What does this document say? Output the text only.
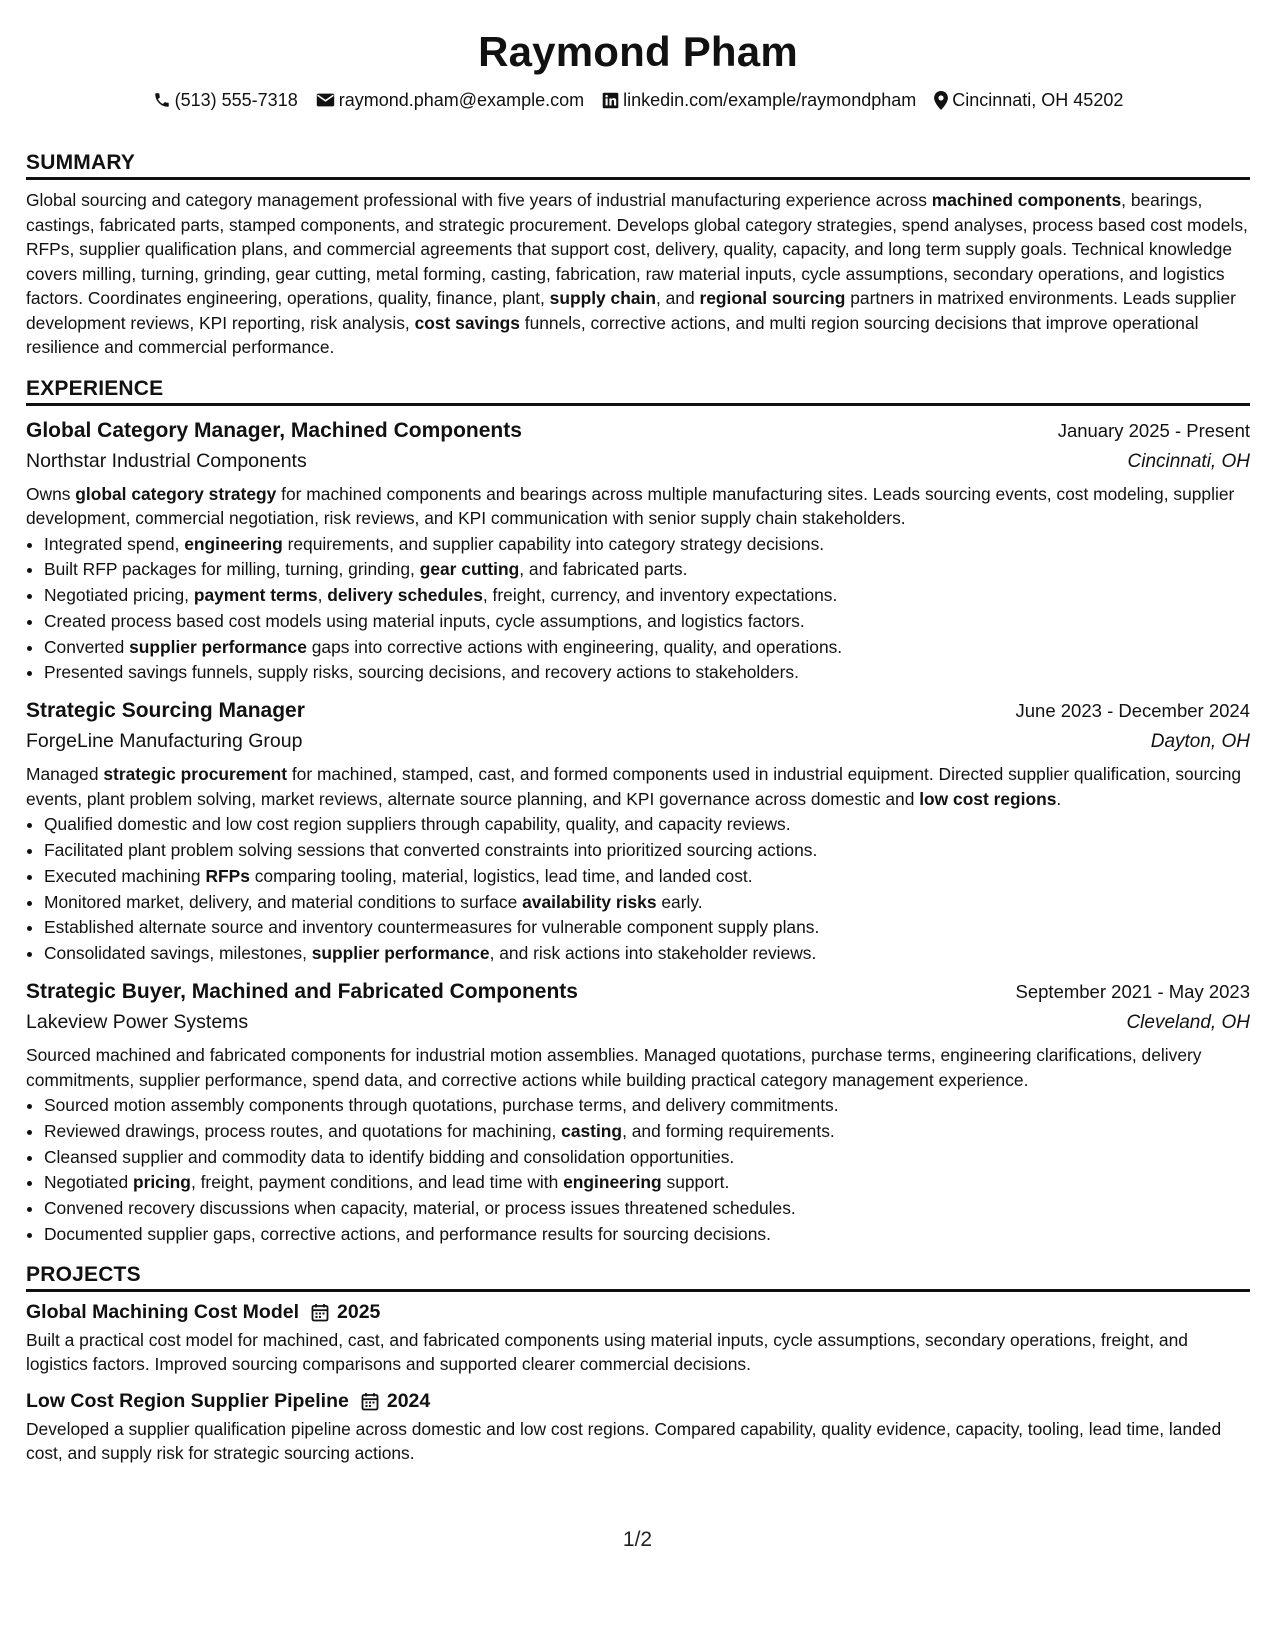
Raymond Pham
(513) 555-7318 raymond.pham@example.com linkedin.com/example/raymondpham Cincinnati, OH 45202
SUMMARY

Global sourcing and category management professional with five years of industrial manufacturing experience across machined components, bearings, castings, fabricated parts, stamped components, and strategic procurement. Develops global category strategies, spend analyses, process based cost models, RFPs, supplier qualification plans, and commercial agreements that support cost, delivery, quality, capacity, and long term supply goals. Technical knowledge covers milling, turning, grinding, gear cutting, metal forming, casting, fabrication, raw material inputs, cycle assumptions, secondary operations, and logistics factors. Coordinates engineering, operations, quality, finance, plant, supply chain, and regional sourcing partners in matrixed environments. Leads supplier development reviews, KPI reporting, risk analysis, cost savings funnels, corrective actions, and multi region sourcing decisions that improve operational resilience and commercial performance.

EXPERIENCE
Global Category Manager, Machined Components	January 2025 - Present
Northstar Industrial Components	Cincinnati, OH

Owns global category strategy for machined components and bearings across multiple manufacturing sites. Leads sourcing events, cost modeling, supplier development, commercial negotiation, risk reviews, and KPI communication with senior supply chain stakeholders.

• Integrated spend, engineering requirements, and supplier capability into category strategy decisions.
• Built RFP packages for milling, turning, grinding, gear cutting, and fabricated parts.
• Negotiated pricing, payment terms, delivery schedules, freight, currency, and inventory expectations.
• Created process based cost models using material inputs, cycle assumptions, and logistics factors.
• Converted supplier performance gaps into corrective actions with engineering, quality, and operations.
• Presented savings funnels, supply risks, sourcing decisions, and recovery actions to stakeholders.
Strategic Sourcing Manager	June 2023 - December 2024
ForgeLine Manufacturing Group	Dayton, OH

Managed strategic procurement for machined, stamped, cast, and formed components used in industrial equipment. Directed supplier qualification, sourcing events, plant problem solving, market reviews, alternate source planning, and KPI governance across domestic and low cost regions.

• Qualified domestic and low cost region suppliers through capability, quality, and capacity reviews.
• Facilitated plant problem solving sessions that converted constraints into prioritized sourcing actions.
• Executed machining RFPs comparing tooling, material, logistics, lead time, and landed cost.
• Monitored market, delivery, and material conditions to surface availability risks early.
• Established alternate source and inventory countermeasures for vulnerable component supply plans.
• Consolidated savings, milestones, supplier performance, and risk actions into stakeholder reviews.
Strategic Buyer, Machined and Fabricated Components	September 2021 - May 2023
Lakeview Power Systems	Cleveland, OH

Sourced machined and fabricated components for industrial motion assemblies. Managed quotations, purchase terms, engineering clarifications, delivery commitments, supplier performance, spend data, and corrective actions while building practical category management experience.

• Sourced motion assembly components through quotations, purchase terms, and delivery commitments.
• Reviewed drawings, process routes, and quotations for machining, casting, and forming requirements.
• Cleansed supplier and commodity data to identify bidding and consolidation opportunities.
• Negotiated pricing, freight, payment conditions, and lead time with engineering support.
• Convened recovery discussions when capacity, material, or process issues threatened schedules.
• Documented supplier gaps, corrective actions, and performance results for sourcing decisions.
PROJECTS
Global Machining Cost Model 2025

Built a practical cost model for machined, cast, and fabricated components using material inputs, cycle assumptions, secondary operations, freight, and logistics factors. Improved sourcing comparisons and supported clearer commercial decisions.

Low Cost Region Supplier Pipeline 2024

Developed a supplier qualification pipeline across domestic and low cost regions. Compared capability, quality evidence, capacity, tooling, lead time, landed cost, and supply risk for strategic sourcing actions.

1/2
